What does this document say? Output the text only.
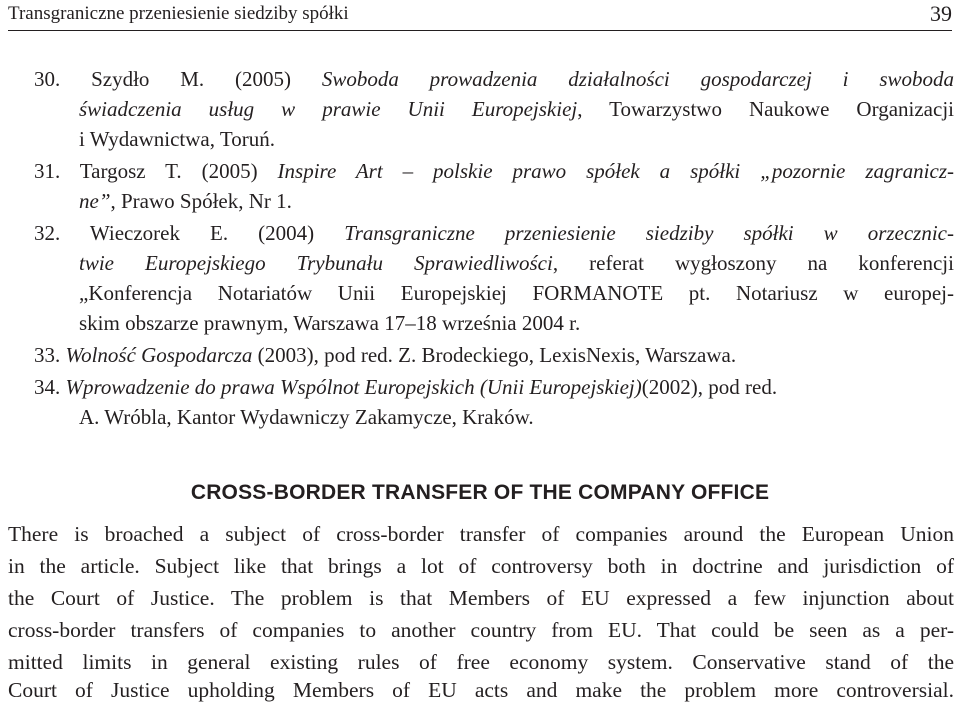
Transgraniczne przeniesienie siedziby spółki	39
30. Szydło M. (2005) Swoboda prowadzenia działalności gospodarczej i swoboda
świadczenia usług w prawie Unii Europejskiej, Towarzystwo Naukowe Organizacji
i Wydawnictwa, Toruń.
31. Targosz T. (2005) Inspire Art – polskie prawo spółek a spółki „pozornie zagranicz-
ne”, Prawo Spółek, Nr 1.
32. Wieczorek E. (2004) Transgraniczne przeniesienie siedziby spółki w orzecznic-
twie Europejskiego Trybunału Sprawiedliwości, referat wygłoszony na konferencji
„Konferencja Notariatów Unii Europejskiej FORMANOTE pt. Notariusz w europej-
skim obszarze prawnym, Warszawa 17–18 września 2004 r.
33. Wolność Gospodarcza (2003), pod red. Z. Brodeckiego, LexisNexis, Warszawa.
34. Wprowadzenie do prawa Wspólnot Europejskich (Unii Europejskiej)(2002), pod red.
A. Wróbla, Kantor Wydawniczy Zakamycze, Kraków.
CROSS-BORDER TRANSFER OF THE COMPANY OFFICE
There is broached a subject of cross-border transfer of companies around the European Union
in the article. Subject like that brings a lot of controversy both in doctrine and jurisdiction of
the Court of Justice. The problem is that Members of EU expressed a few injunction about
cross-border transfers of companies to another country from EU. That could be seen as a per-
mitted limits in general existing rules of free economy system. Conservative stand of the
Court of Justice upholding Members of EU acts and make the problem more controversial.
